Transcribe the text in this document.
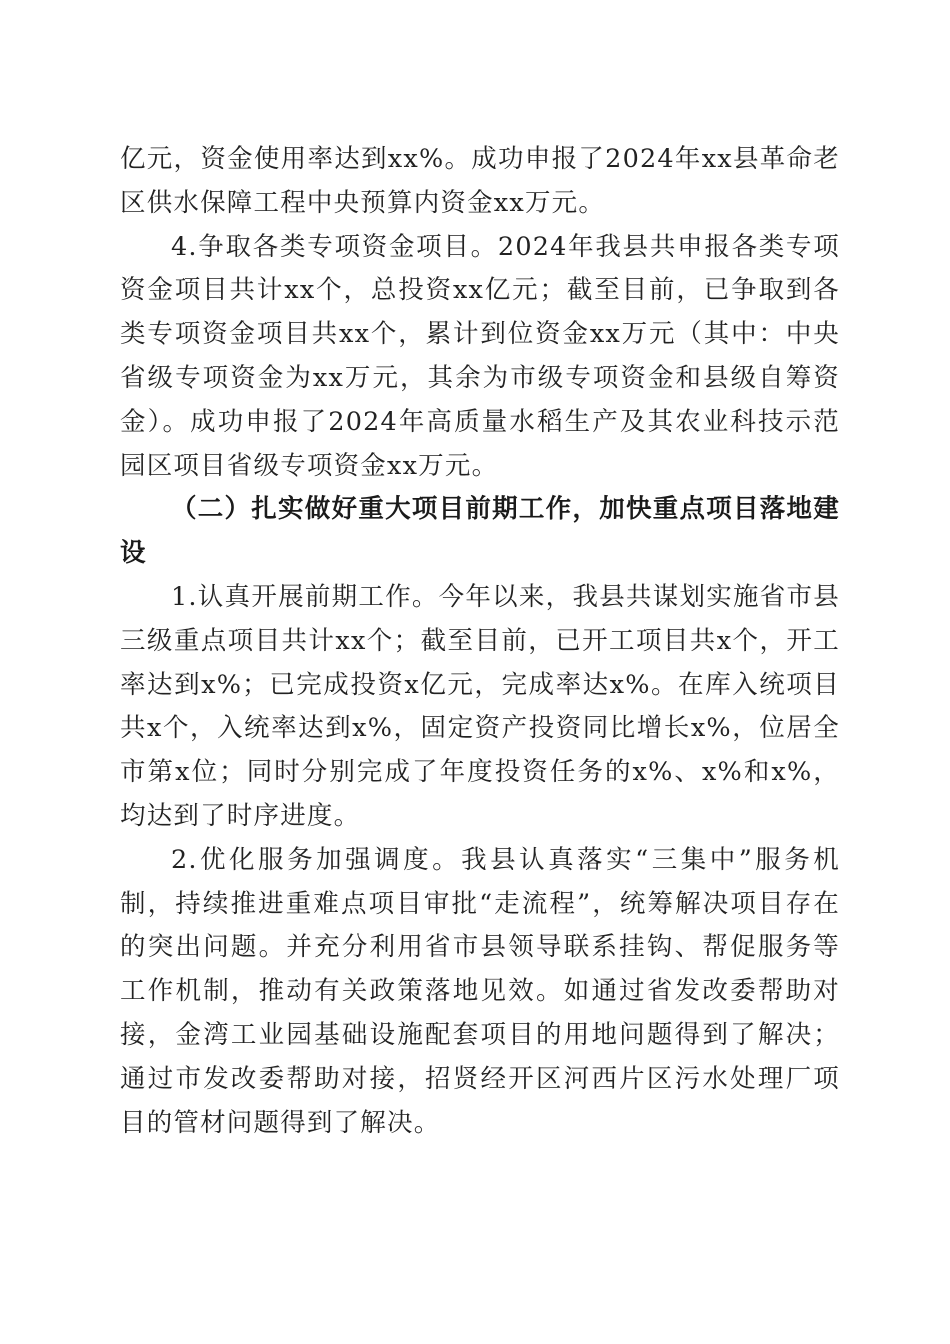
亿元，资金使用率达到xx%。成功申报了2024年xx县革命老区供水保障工程中央预算内资金xx万元。

4.争取各类专项资金项目。2024年我县共申报各类专项资金项目共计xx个，总投资xx亿元；截至目前，已争取到各类专项资金项目共xx个，累计到位资金xx万元（其中：中央省级专项资金为xx万元，其余为市级专项资金和县级自筹资金）。成功申报了2024年高质量水稻生产及其农业科技示范园区项目省级专项资金xx万元。

（二）扎实做好重大项目前期工作，加快重点项目落地建设

1.认真开展前期工作。今年以来，我县共谋划实施省市县三级重点项目共计xx个；截至目前，已开工项目共x个，开工率达到x%；已完成投资x亿元，完成率达x%。在库入统项目共x个，入统率达到x%，固定资产投资同比增长x%，位居全市第x位；同时分别完成了年度投资任务的x%、x%和x%，均达到了时序进度。

2.优化服务加强调度。我县认真落实“三集中”服务机制，持续推进重难点项目审批“走流程”，统筹解决项目存在的突出问题。并充分利用省市县领导联系挂钩、帮促服务等工作机制，推动有关政策落地见效。如通过省发改委帮助对接，金湾工业园基础设施配套项目的用地问题得到了解决；通过市发改委帮助对接，招贤经开区河西片区污水处理厂项目的管材问题得到了解决。
